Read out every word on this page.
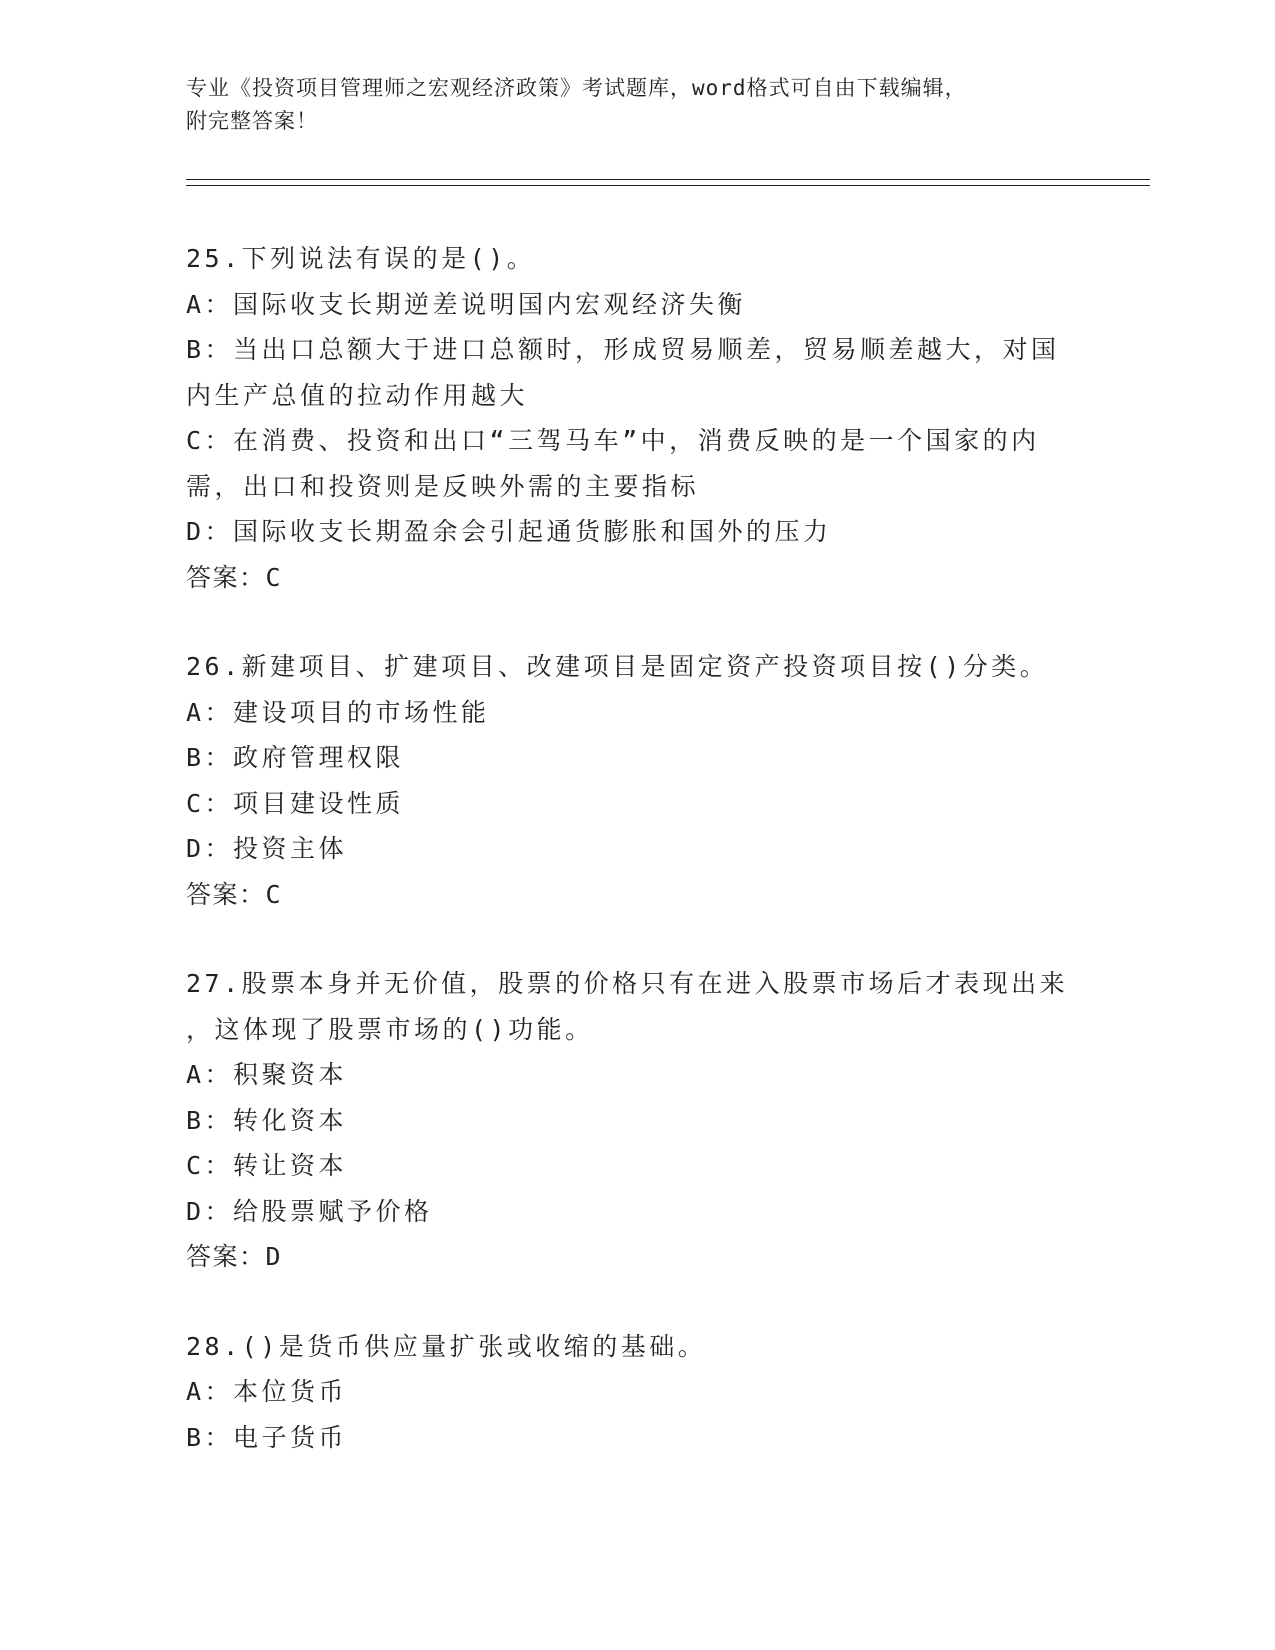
专业《投资项目管理师之宏观经济政策》考试题库，word格式可自由下载编辑，
附完整答案！
25.下列说法有误的是()。
A：国际收支长期逆差说明国内宏观经济失衡
B：当出口总额大于进口总额时，形成贸易顺差，贸易顺差越大，对国
内生产总值的拉动作用越大
C：在消费、投资和出口“三驾马车”中，消费反映的是一个国家的内
需，出口和投资则是反映外需的主要指标
D：国际收支长期盈余会引起通货膨胀和国外的压力
答案：C
26.新建项目、扩建项目、改建项目是固定资产投资项目按()分类。
A：建设项目的市场性能
B：政府管理权限
C：项目建设性质
D：投资主体
答案：C
27.股票本身并无价值，股票的价格只有在进入股票市场后才表现出来
，这体现了股票市场的()功能。
A：积聚资本
B：转化资本
C：转让资本
D：给股票赋予价格
答案：D
28.()是货币供应量扩张或收缩的基础。
A：本位货币
B：电子货币
